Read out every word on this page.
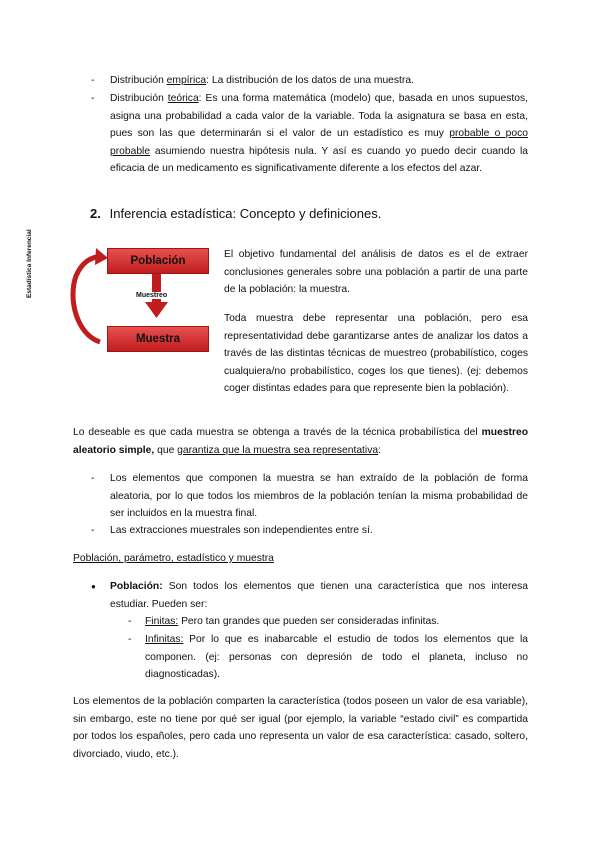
- Distribución empírica: La distribución de los datos de una muestra.
- Distribución teórica: Es una forma matemática (modelo) que, basada en unos supuestos, asigna una probabilidad a cada valor de la variable. Toda la asignatura se basa en esta, pues son las que determinarán si el valor de un estadístico es muy probable o poco probable asumiendo nuestra hipótesis nula. Y así es cuando yo puedo decir cuando la eficacia de un medicamento es significativamente diferente a los efectos del azar.
2. Inferencia estadística: Concepto y definiciones.
Estadística Inferencial	Población
Muestreo
Muestra
El objetivo fundamental del análisis de datos es el de extraer conclusiones generales sobre una población a partir de una parte de la población: la muestra.
Toda muestra debe representar una población, pero esa representatividad debe garantizarse antes de analizar los datos a través de las distintas técnicas de muestreo (probabilístico, coges cualquiera/no probabilístico, coges los que tienes). (ej: debemos coger distintas edades para que represente bien la población).
Lo deseable es que cada muestra se obtenga a través de la técnica probabilística del muestreo aleatorio simple, que garantiza que la muestra sea representativa:
- Los elementos que componen la muestra se han extraído de la población de forma aleatoria, por lo que todos los miembros de la población tenían la misma probabilidad de ser incluidos en la muestra final.
- Las extracciones muestrales son independientes entre sí.
Población, parámetro, estadístico y muestra
● Población: Son todos los elementos que tienen una característica que nos interesa estudiar. Pueden ser:
- Finitas: Pero tan grandes que pueden ser consideradas infinitas.
- Infinitas: Por lo que es inabarcable el estudio de todos los elementos que la componen. (ej: personas con depresión de todo el planeta, incluso no diagnosticadas).
Los elementos de la población comparten la característica (todos poseen un valor de esa variable), sin embargo, este no tiene por qué ser igual (por ejemplo, la variable “estado civil” es compartida por todos los españoles, pero cada uno representa un valor de esa característica: casado, soltero, divorciado, viudo, etc.).
